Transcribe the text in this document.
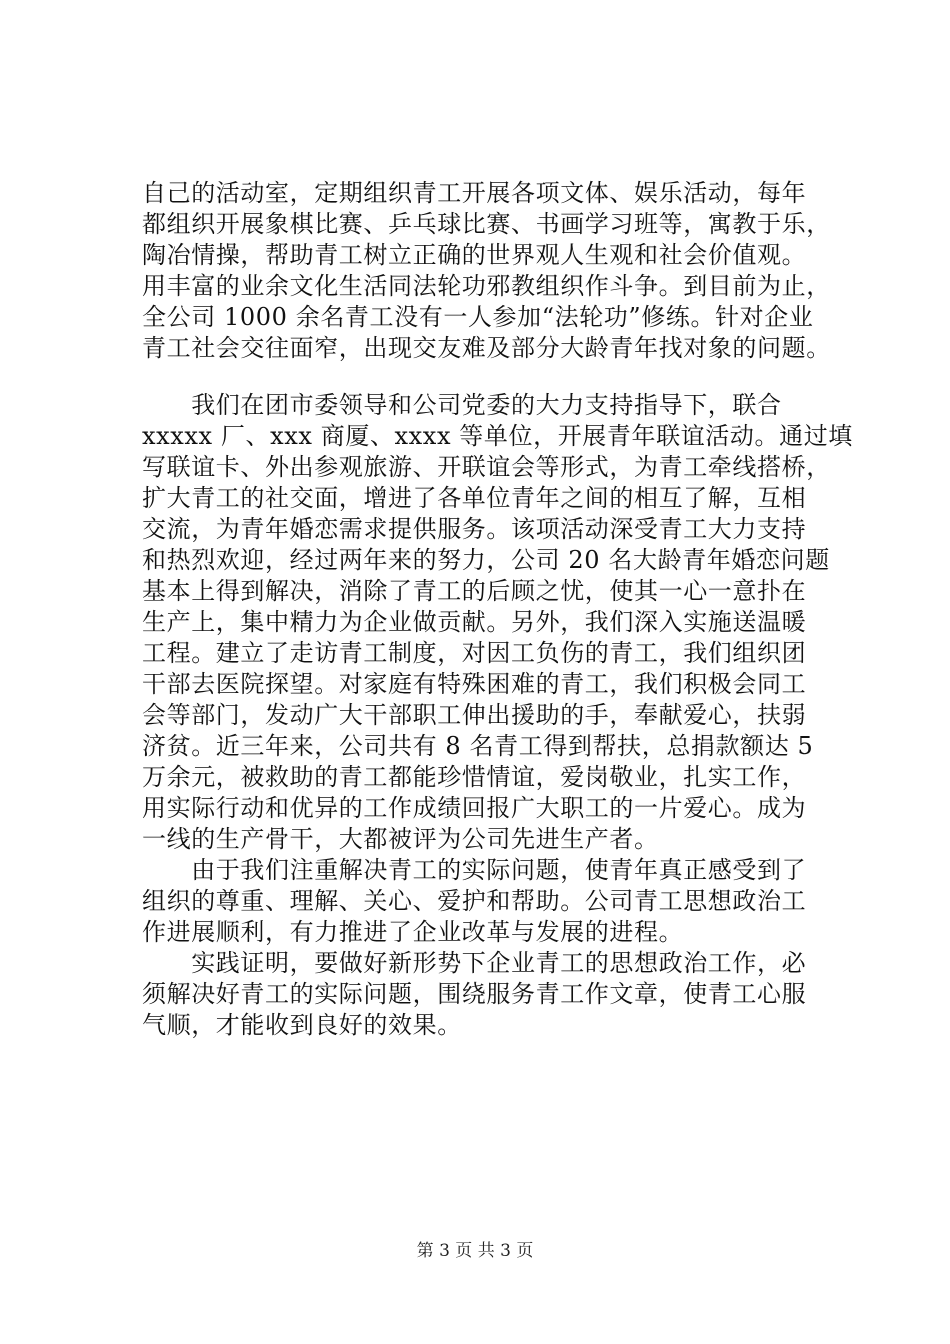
自己的活动室，定期组织青工开展各项文体、娱乐活动，每年
都组织开展象棋比赛、乒乓球比赛、书画学习班等，寓教于乐，
陶冶情操，帮助青工树立正确的世界观人生观和社会价值观。
用丰富的业余文化生活同法轮功邪教组织作斗争。到目前为止，
全公司 1000 余名青工没有一人参加“法轮功”修练。针对企业
青工社会交往面窄，出现交友难及部分大龄青年找对象的问题。
　　我们在团市委领导和公司党委的大力支持指导下，联合
xxxxx 厂、xxx 商厦、xxxx 等单位，开展青年联谊活动。通过填
写联谊卡、外出参观旅游、开联谊会等形式，为青工牵线搭桥，
扩大青工的社交面，增进了各单位青年之间的相互了解，互相
交流，为青年婚恋需求提供服务。该项活动深受青工大力支持
和热烈欢迎，经过两年来的努力，公司 20 名大龄青年婚恋问题
基本上得到解决，消除了青工的后顾之忧，使其一心一意扑在
生产上，集中精力为企业做贡献。另外，我们深入实施送温暖
工程。建立了走访青工制度，对因工负伤的青工，我们组织团
干部去医院探望。对家庭有特殊困难的青工，我们积极会同工
会等部门，发动广大干部职工伸出援助的手，奉献爱心，扶弱
济贫。近三年来，公司共有 8 名青工得到帮扶，总捐款额达 5
万余元，被救助的青工都能珍惜情谊，爱岗敬业，扎实工作，
用实际行动和优异的工作成绩回报广大职工的一片爱心。成为
一线的生产骨干，大都被评为公司先进生产者。
　　由于我们注重解决青工的实际问题，使青年真正感受到了
组织的尊重、理解、关心、爱护和帮助。公司青工思想政治工
作进展顺利，有力推进了企业改革与发展的进程。
　　实践证明，要做好新形势下企业青工的思想政治工作，必
须解决好青工的实际问题，围绕服务青工作文章，使青工心服
气顺，才能收到良好的效果。
第 3 页 共 3 页
